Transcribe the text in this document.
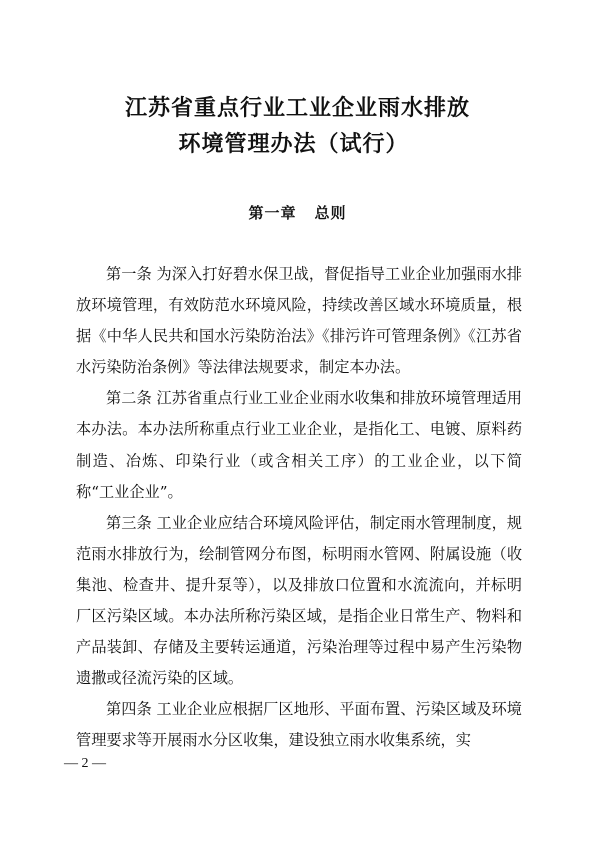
江苏省重点行业工业企业雨水排放
环境管理办法（试行）
第一章 总则

第一条 为深入打好碧水保卫战，督促指导工业企业加强雨水排放环境管理，有效防范水环境风险，持续改善区域水环境质量，根据《中华人民共和国水污染防治法》《排污许可管理条例》《江苏省水污染防治条例》等法律法规要求，制定本办法。

第二条 江苏省重点行业工业企业雨水收集和排放环境管理适用本办法。本办法所称重点行业工业企业，是指化工、电镀、原料药制造、冶炼、印染行业（或含相关工序）的工业企业，以下简称“工业企业”。

第三条 工业企业应结合环境风险评估，制定雨水管理制度，规范雨水排放行为，绘制管网分布图，标明雨水管网、附属设施（收集池、检查井、提升泵等），以及排放口位置和水流流向，并标明厂区污染区域。本办法所称污染区域，是指企业日常生产、物料和产品装卸、存储及主要转运通道，污染治理等过程中易产生污染物遗撒或径流污染的区域。

第四条 工业企业应根据厂区地形、平面布置、污染区域及环境管理要求等开展雨水分区收集，建设独立雨水收集系统，实

— 2 —
